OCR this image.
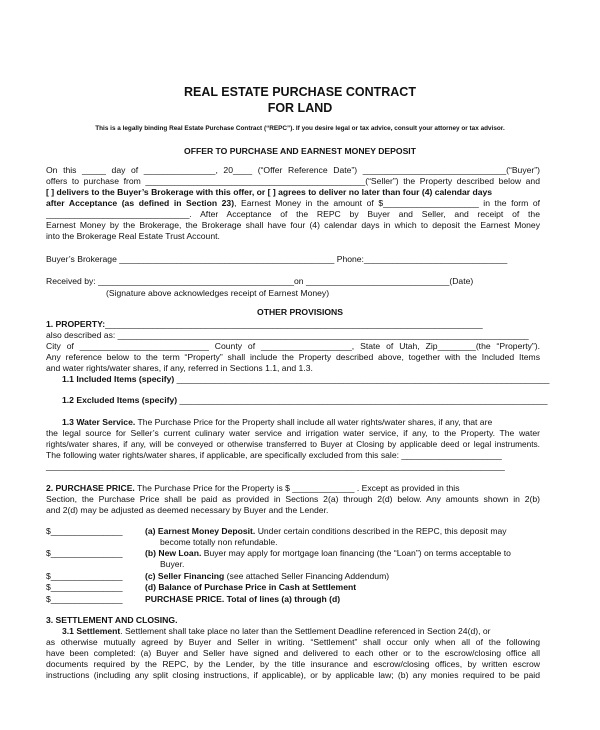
REAL ESTATE PURCHASE CONTRACT
FOR LAND
This is a legally binding Real Estate Purchase Contract (“REPC”). If you desire legal or tax advice, consult your attorney or tax advisor.
OFFER TO PURCHASE AND EARNEST MONEY DEPOSIT
On this _____ day of _______________, 20____ (“Offer Reference Date”) ______________________________(“Buyer”)
offers to purchase from ______________________________________________(“Seller”) the Property described below and
[ ] delivers to the Buyer’s Brokerage with this offer, or [ ] agrees to deliver no later than four (4) calendar days
after Acceptance (as defined in Section 23), Earnest Money in the amount of $____________________ in the form of
______________________________. After Acceptance of the REPC by Buyer and Seller, and receipt of the
Earnest Money by the Brokerage, the Brokerage shall have four (4) calendar days in which to deposit the Earnest Money
into the Brokerage Real Estate Trust Account.
Buyer’s Brokerage _____________________________________________ Phone:______________________________
Received by: _________________________________________on ______________________________(Date)
(Signature above acknowledges receipt of Earnest Money)
OTHER PROVISIONS
1. PROPERTY:_______________________________________________________________________________
also described as: ______________________________________________________________________________________
City of ___________________________ County of ___________________, State of Utah, Zip________(the “Property”).
Any reference below to the term “Property” shall include the Property described above, together with the Included Items
and water rights/water shares, if any, referred in Sections 1.1, and 1.3.
1.1 Included Items (specify) ______________________________________________________________________________
1.2 Excluded Items (specify) _____________________________________________________________________________
1.3 Water Service. The Purchase Price for the Property shall include all water rights/water shares, if any, that are
the legal source for Seller’s current culinary water service and irrigation water service, if any, to the Property. The water
rights/water shares, if any, will be conveyed or otherwise transferred to Buyer at Closing by applicable deed or legal instruments.
The following water rights/water shares, if applicable, are specifically excluded from this sale: _____________________
________________________________________________________________________________________________
2. PURCHASE PRICE. The Purchase Price for the Property is $ _____________ . Except as provided in this
Section, the Purchase Price shall be paid as provided in Sections 2(a) through 2(d) below. Any amounts shown in 2(b)
and 2(d) may be adjusted as deemed necessary by Buyer and the Lender.
$_______________	(a) Earnest Money Deposit. Under certain conditions described in the REPC, this deposit may
become totally non refundable.
$_______________	(b) New Loan. Buyer may apply for mortgage loan financing (the “Loan”) on terms acceptable to
Buyer.
$_______________	(c) Seller Financing (see attached Seller Financing Addendum)
$_______________	(d) Balance of Purchase Price in Cash at Settlement
$_______________	PURCHASE PRICE. Total of lines (a) through (d)
3. SETTLEMENT AND CLOSING.
3.1 Settlement. Settlement shall take place no later than the Settlement Deadline referenced in Section 24(d), or
as otherwise mutually agreed by Buyer and Seller in writing. “Settlement” shall occur only when all of the following
have been completed: (a) Buyer and Seller have signed and delivered to each other or to the escrow/closing office all
documents required by the REPC, by the Lender, by the title insurance and escrow/closing offices, by written escrow
instructions (including any split closing instructions, if applicable), or by applicable law; (b) any monies required to be paid
